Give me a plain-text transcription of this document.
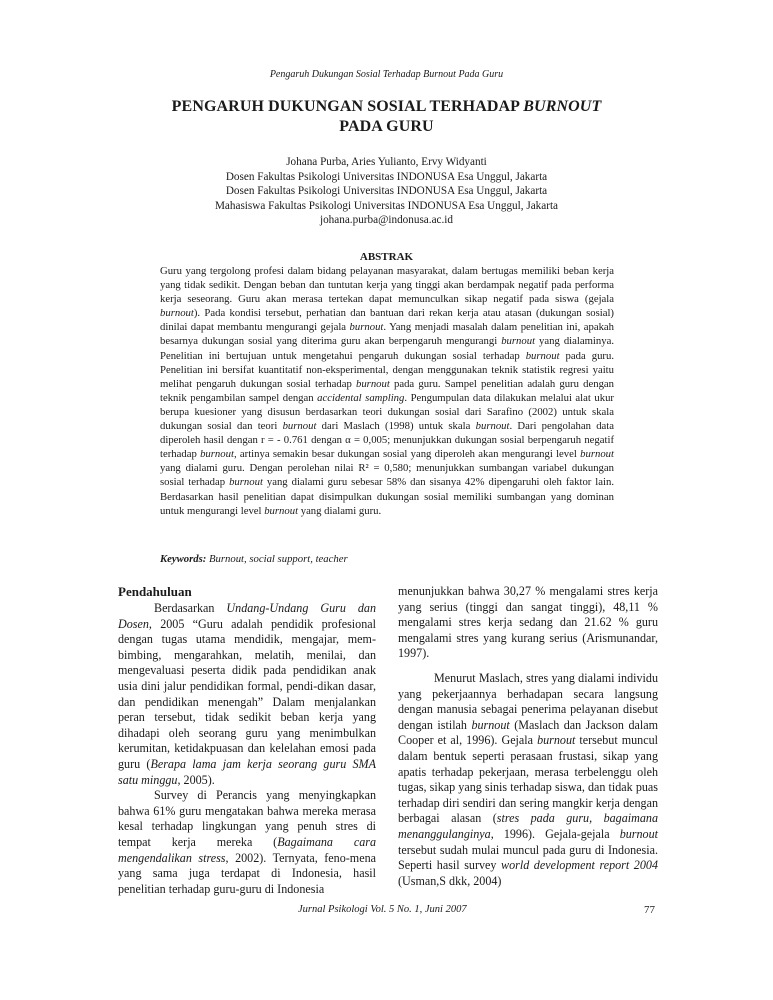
Pengaruh Dukungan Sosial Terhadap Burnout Pada Guru
PENGARUH DUKUNGAN SOSIAL TERHADAP BURNOUT PADA GURU
Johana Purba, Aries Yulianto, Ervy Widyanti
Dosen Fakultas Psikologi Universitas INDONUSA Esa Unggul, Jakarta
Dosen Fakultas Psikologi Universitas INDONUSA Esa Unggul, Jakarta
Mahasiswa Fakultas Psikologi Universitas INDONUSA Esa Unggul, Jakarta
johana.purba@indonusa.ac.id
ABSTRAK
Guru yang tergolong profesi dalam bidang pelayanan masyarakat, dalam bertugas memiliki beban kerja yang tidak sedikit. Dengan beban dan tuntutan kerja yang tinggi akan berdampak negatif pada performa kerja seseorang. Guru akan merasa tertekan dapat memunculkan sikap negatif pada siswa (gejala burnout). Pada kondisi tersebut, perhatian dan bantuan dari rekan kerja atau atasan (dukungan sosial) dinilai dapat membantu mengurangi gejala burnout. Yang menjadi masalah dalam penelitian ini, apakah besarnya dukungan sosial yang diterima guru akan berpengaruh mengurangi burnout yang dialaminya. Penelitian ini bertujuan untuk mengetahui pengaruh dukungan sosial terhadap burnout pada guru. Penelitian ini bersifat kuantitatif non-eksperimental, dengan menggunakan teknik statistik regresi yaitu melihat pengaruh dukungan sosial terhadap burnout pada guru. Sampel penelitian adalah guru dengan teknik pengambilan sampel dengan accidental sampling. Pengumpulan data dilakukan melalui alat ukur berupa kuesioner yang disusun berdasarkan teori dukungan sosial dari Sarafino (2002) untuk skala dukungan sosial dan teori burnout dari Maslach (1998) untuk skala burnout. Dari pengolahan data diperoleh hasil dengan r = - 0.761 dengan α = 0,005; menunjukkan dukungan sosial berpengaruh negatif terhadap burnout, artinya semakin besar dukungan sosial yang diperoleh akan mengurangi level burnout yang dialami guru. Dengan perolehan nilai R² = 0,580; menunjukkan sumbangan variabel dukungan sosial terhadap burnout yang dialami guru sebesar 58% dan sisanya 42% dipengaruhi oleh faktor lain. Berdasarkan hasil penelitian dapat disimpulkan dukungan sosial memiliki sumbangan yang dominan untuk mengurangi level burnout yang dialami guru.
Keywords: Burnout, social support, teacher
Pendahuluan

Berdasarkan Undang-Undang Guru dan Dosen, 2005 “Guru adalah pendidik profesional dengan tugas utama mendidik, mengajar, mem-bimbing, mengarahkan, melatih, menilai, dan mengevaluasi peserta didik pada pendidikan anak usia dini jalur pendidikan formal, pendi-dikan dasar, dan pendidikan menengah” Dalam menjalankan peran tersebut, tidak sedikit beban kerja yang dihadapi oleh seorang guru yang menimbulkan kerumitan, ketidakpuasan dan kelelahan emosi pada guru (Berapa lama jam kerja seorang guru SMA satu minggu, 2005).

Survey di Perancis yang menyingkapkan bahwa 61% guru mengatakan bahwa mereka merasa kesal terhadap lingkungan yang penuh stres di tempat kerja mereka (Bagaimana cara mengendalikan stress, 2002). Ternyata, feno-mena yang sama juga terdapat di Indonesia, hasil penelitian terhadap guru-guru di Indonesia

menunjukkan bahwa 30,27 % mengalami stres kerja yang serius (tinggi dan sangat tinggi), 48,11 % mengalami stres kerja sedang dan 21.62 % guru mengalami stres yang kurang serius (Arismunandar, 1997).

Menurut Maslach, stres yang dialami individu yang pekerjaannya berhadapan secara langsung dengan manusia sebagai penerima pelayanan disebut dengan istilah burnout (Maslach dan Jackson dalam Cooper et al, 1996). Gejala burnout tersebut muncul dalam bentuk seperti perasaan frustasi, sikap yang apatis terhadap pekerjaan, merasa terbelenggu oleh tugas, sikap yang sinis terhadap siswa, dan tidak puas terhadap diri sendiri dan sering mangkir kerja dengan berbagai alasan (stres pada guru, bagaimana menanggulanginya, 1996). Gejala-gejala burnout tersebut sudah mulai muncul pada guru di Indonesia. Seperti hasil survey world development report 2004 (Usman,S dkk, 2004)

Jurnal Psikologi Vol. 5 No. 1, Juni 2007	77
